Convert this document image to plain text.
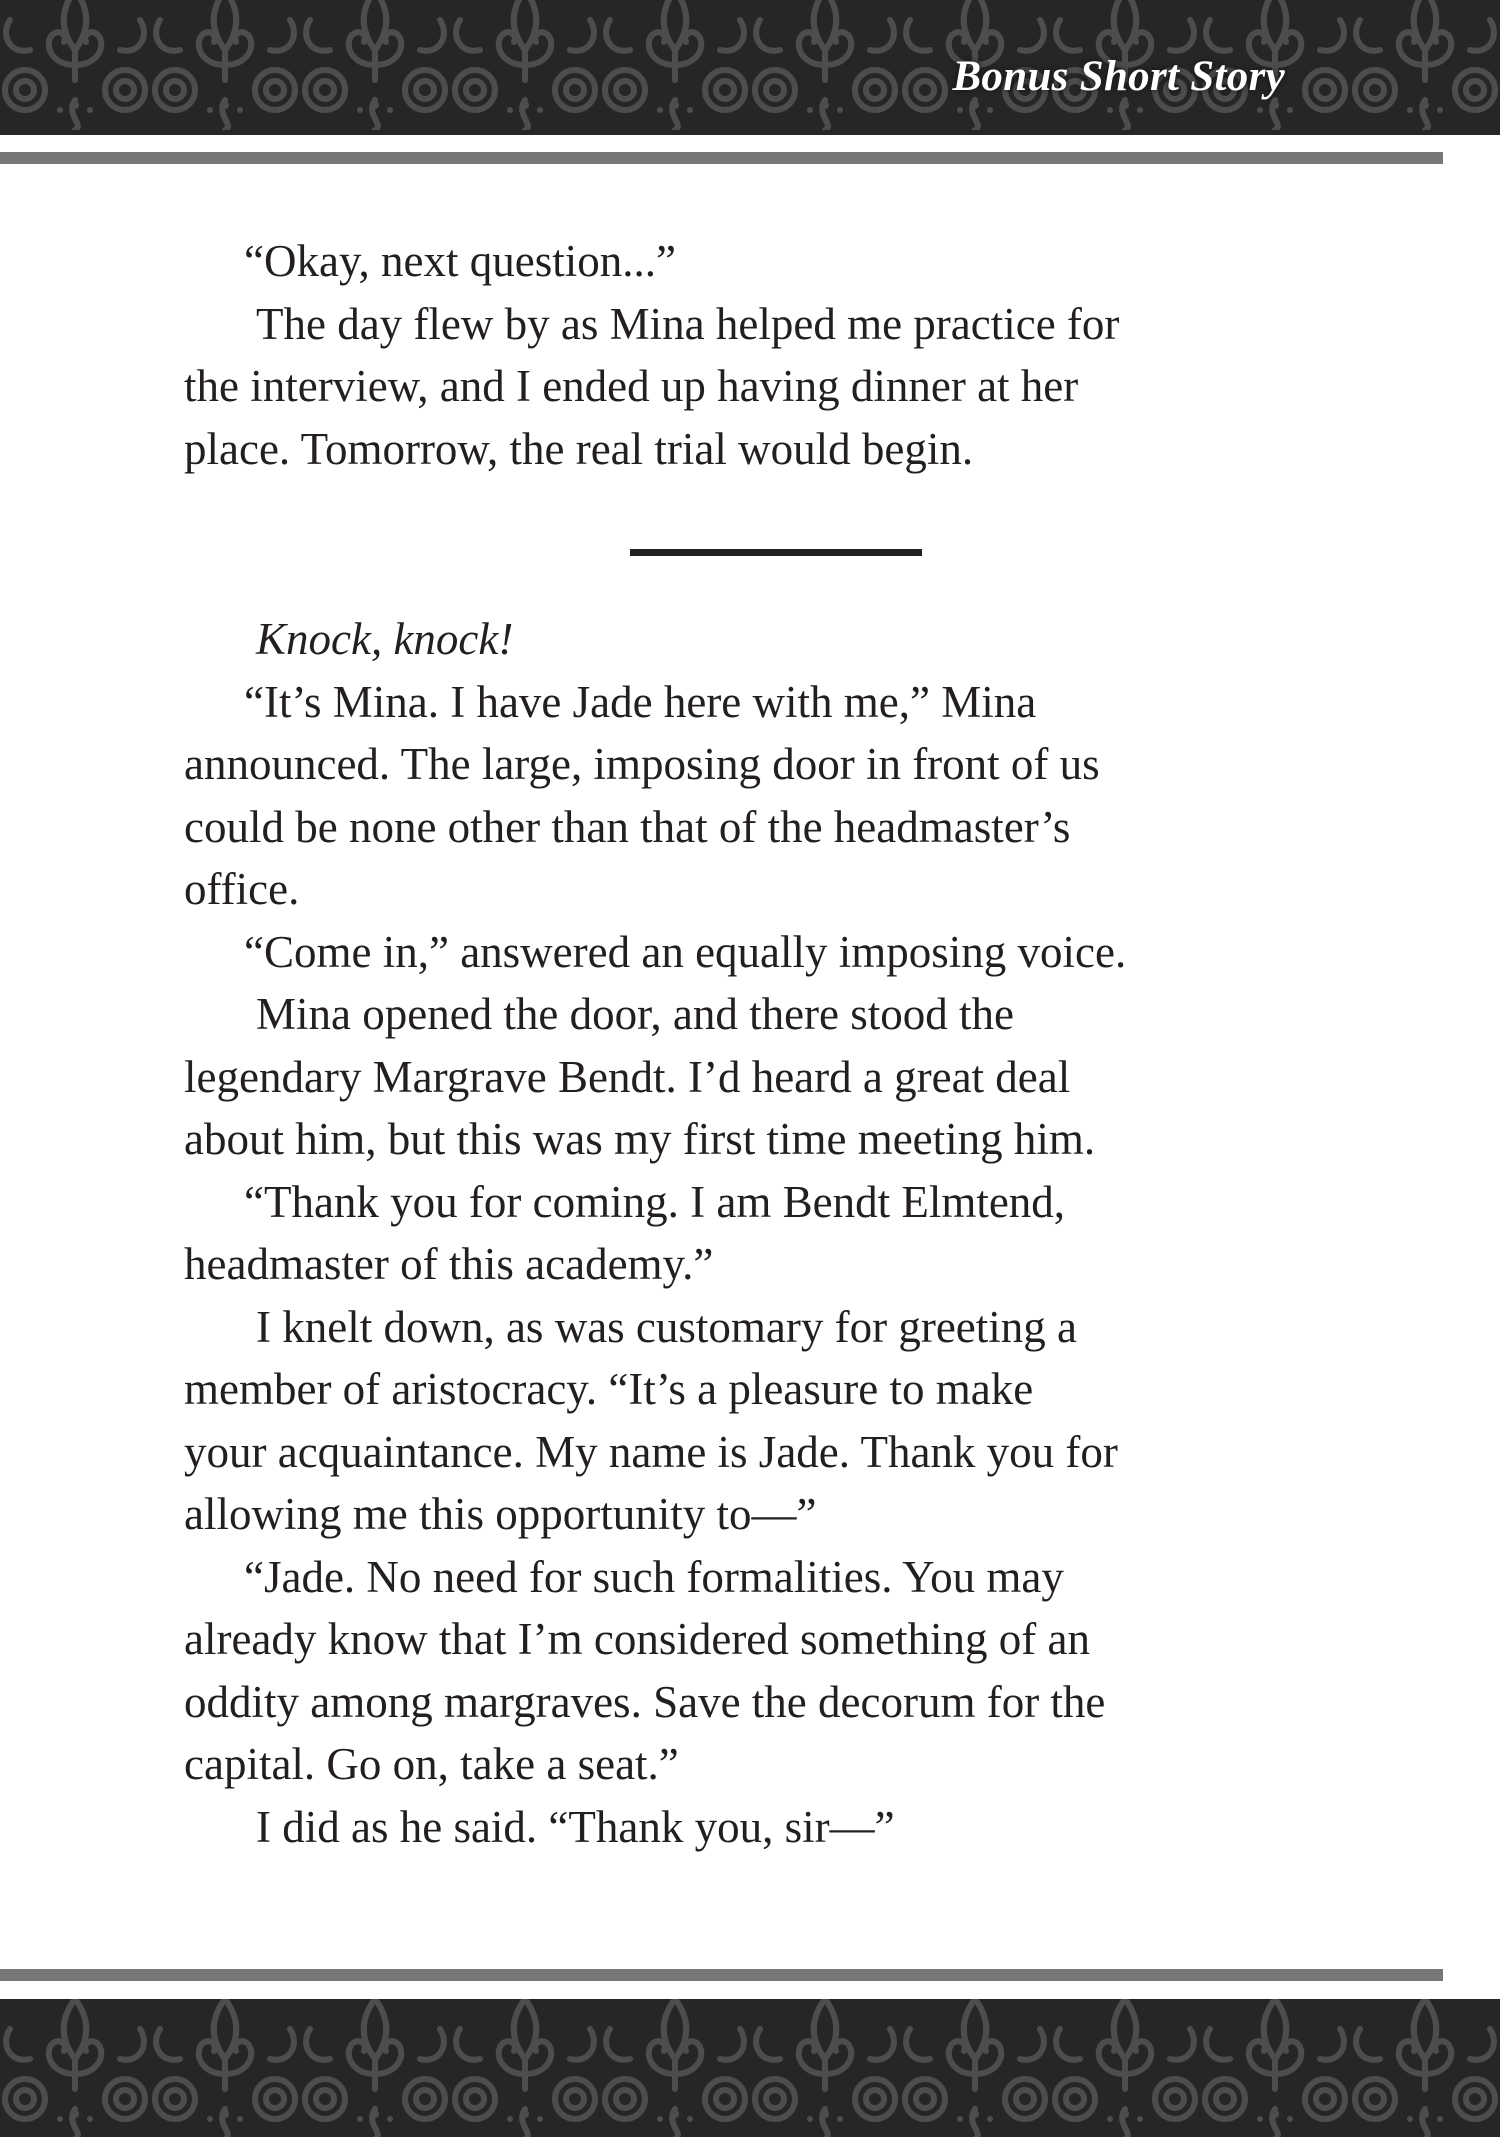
Bonus Short Story

“Okay, next question...”

The day flew by as Mina helped me practice for

the interview, and I ended up having dinner at her

place. Tomorrow, the real trial would begin.

Knock, knock!

“It’s Mina. I have Jade here with me,” Mina

announced. The large, imposing door in front of us

could be none other than that of the headmaster’s

office.

“Come in,” answered an equally imposing voice.

Mina opened the door, and there stood the

legendary Margrave Bendt. I’d heard a great deal

about him, but this was my first time meeting him.

“Thank you for coming. I am Bendt Elmtend,

headmaster of this academy.”

I knelt down, as was customary for greeting a

member of aristocracy. “It’s a pleasure to make

your acquaintance. My name is Jade. Thank you for

allowing me this opportunity to—”

“Jade. No need for such formalities. You may

already know that I’m considered something of an

oddity among margraves. Save the decorum for the

capital. Go on, take a seat.”

I did as he said. “Thank you, sir—”
